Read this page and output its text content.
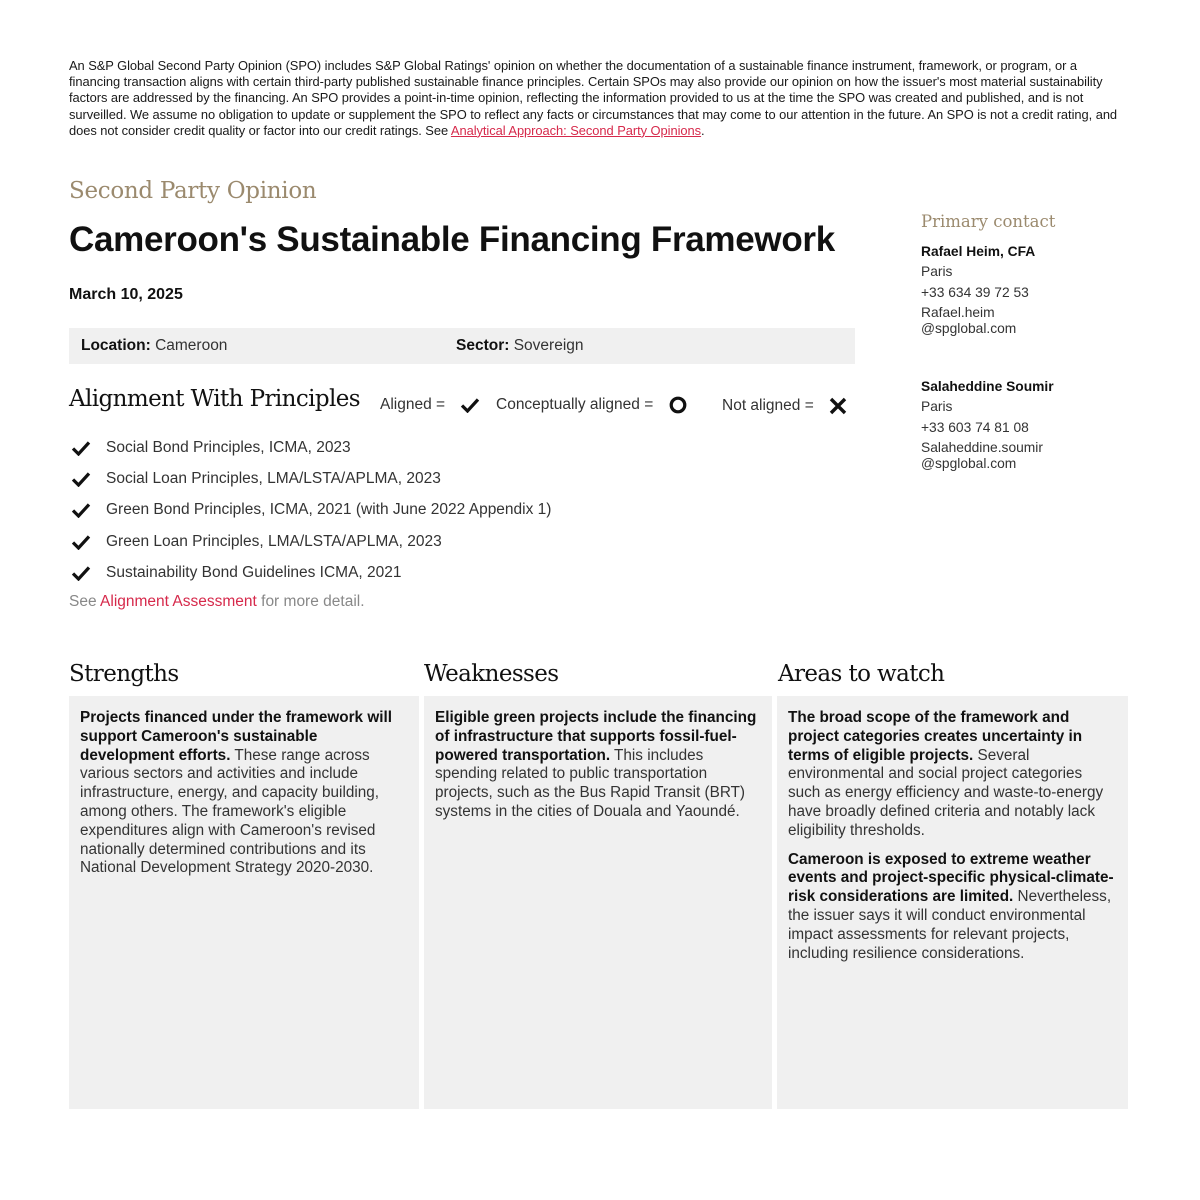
An S&P Global Second Party Opinion (SPO) includes S&P Global Ratings' opinion on whether the documentation of a sustainable finance instrument, framework, or program, or a financing transaction aligns with certain third-party published sustainable finance principles. Certain SPOs may also provide our opinion on how the issuer's most material sustainability factors are addressed by the financing. An SPO provides a point-in-time opinion, reflecting the information provided to us at the time the SPO was created and published, and is not surveilled. We assume no obligation to update or supplement the SPO to reflect any facts or circumstances that may come to our attention in the future. An SPO is not a credit rating, and does not consider credit quality or factor into our credit ratings. See Analytical Approach: Second Party Opinions.
Second Party Opinion
Cameroon's Sustainable Financing Framework
March 10, 2025
Location: Cameroon	Sector: Sovereign
Alignment With Principles Aligned =	Conceptually aligned =	Not aligned =
Social Bond Principles, ICMA, 2023
Social Loan Principles, LMA/LSTA/APLMA, 2023
Green Bond Principles, ICMA, 2021 (with June 2022 Appendix 1)
Green Loan Principles, LMA/LSTA/APLMA, 2023
Sustainability Bond Guidelines ICMA, 2021
See Alignment Assessment for more detail.
Strengths	Weaknesses	Areas to watch

Projects financed under the framework will support Cameroon's sustainable development efforts. These range across various sectors and activities and include infrastructure, energy, and capacity building, among others. The framework's eligible expenditures align with Cameroon's revised nationally determined contributions and its National Development Strategy 2020-2030.

Eligible green projects include the financing of infrastructure that supports fossil-fuel-powered transportation. This includes spending related to public transportation projects, such as the Bus Rapid Transit (BRT) systems in the cities of Douala and Yaoundé.

The broad scope of the framework and project categories creates uncertainty in terms of eligible projects. Several environmental and social project categories such as energy efficiency and waste-to-energy have broadly defined criteria and notably lack eligibility thresholds.

Cameroon is exposed to extreme weather events and project-specific physical-climate-risk considerations are limited. Nevertheless, the issuer says it will conduct environmental impact assessments for relevant projects, including resilience considerations.

Primary contact
Rafael Heim, CFA
Paris
+33 634 39 72 53
Rafael.heim
@spglobal.com
Salaheddine Soumir
Paris
+33 603 74 81 08
Salaheddine.soumir
@spglobal.com
